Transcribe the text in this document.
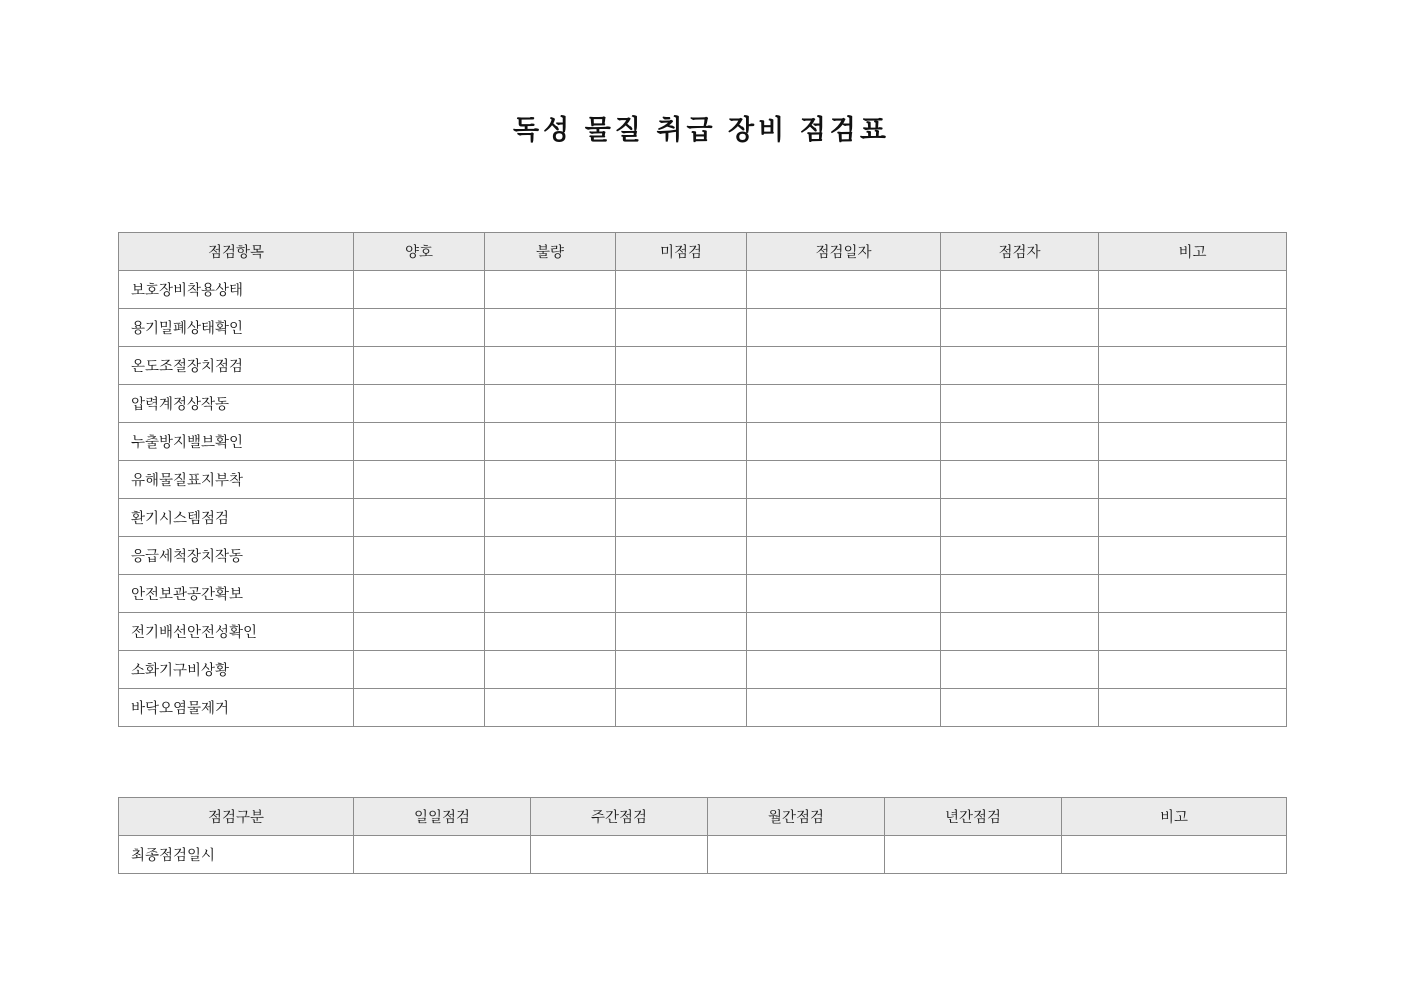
독성 물질 취급 장비 점검표
점검항목	양호	불량	미점검	점검일자	점검자	비고
보호장비착용상태						
용기밀폐상태확인						
온도조절장치점검						
압력계정상작동						
누출방지밸브확인						
유해물질표지부착						
환기시스템점검						
응급세척장치작동						
안전보관공간확보						
전기배선안전성확인						
소화기구비상황						
바닥오염물제거						
점검구분	일일점검	주간점검	월간점검	년간점검	비고
최종점검일시					
